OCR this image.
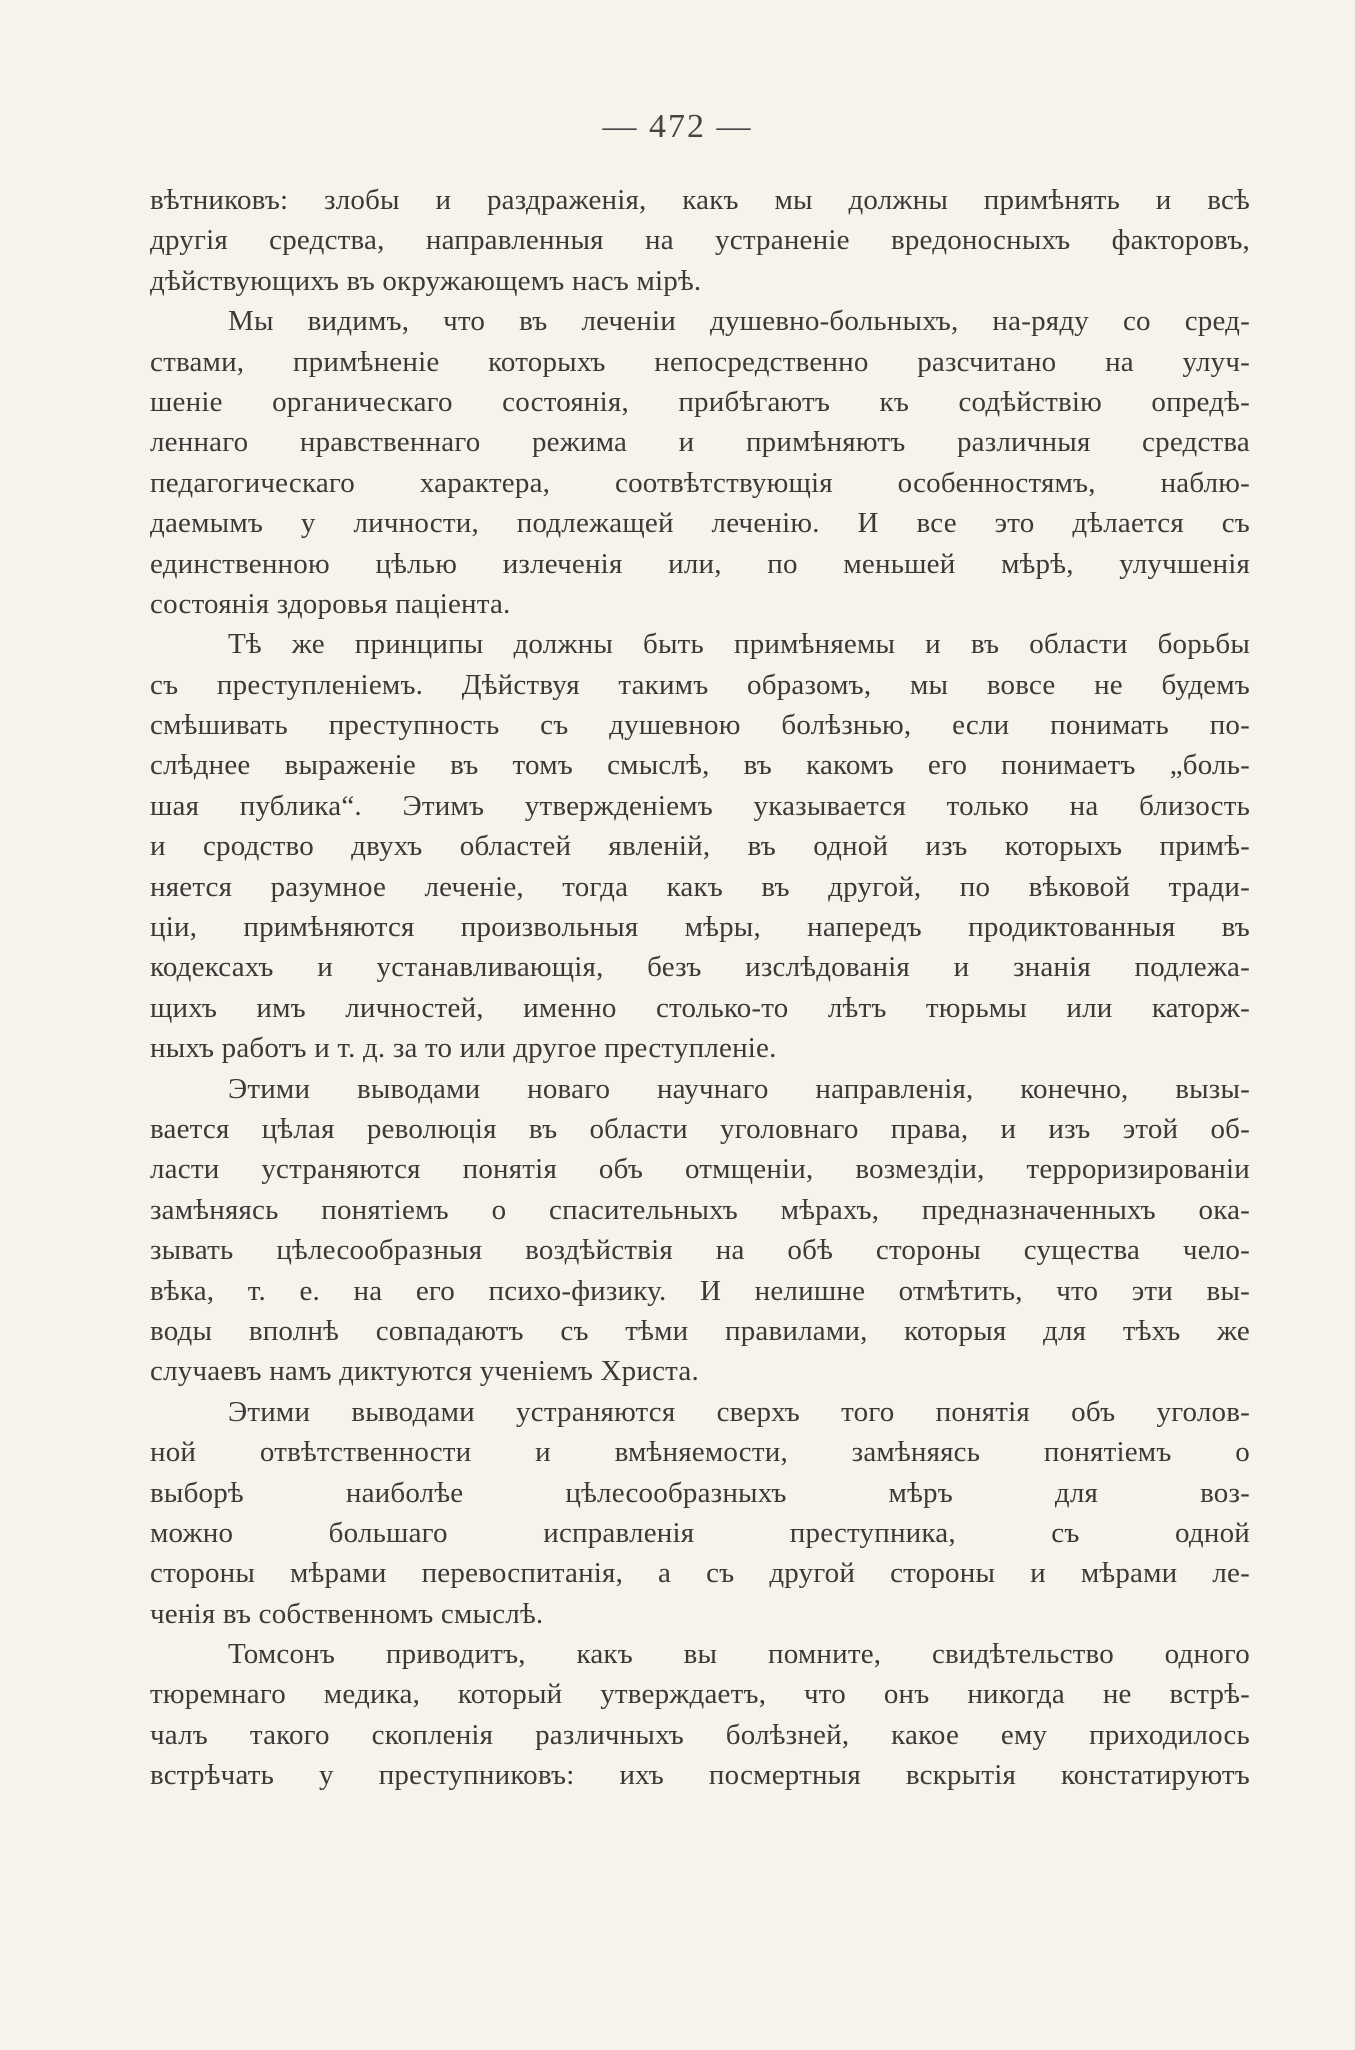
— 472 —
вѣтниковъ: злобы и раздраженія, какъ мы должны примѣнять и всѣ
другія средства, направленныя на устраненіе вредоносныхъ факторовъ,
дѣйствующихъ въ окружающемъ насъ мірѣ.
Мы видимъ, что въ леченіи душевно-больныхъ, на-ряду со сред-
ствами, примѣненіе которыхъ непосредственно разсчитано на улуч-
шеніе органическаго состоянія, прибѣгаютъ къ содѣйствію опредѣ-
леннаго нравственнаго режима и примѣняютъ различныя средства
педагогическаго характера, соотвѣтствующія особенностямъ, наблю-
даемымъ у личности, подлежащей леченію. И все это дѣлается съ
единственною цѣлью излеченія или, по меньшей мѣрѣ, улучшенія
состоянія здоровья паціента.
Тѣ же принципы должны быть примѣняемы и въ области борьбы
съ преступленіемъ. Дѣйствуя такимъ образомъ, мы вовсе не будемъ
смѣшивать преступность съ душевною болѣзнью, если понимать по-
слѣднее выраженіе въ томъ смыслѣ, въ какомъ его понимаетъ „боль-
шая публика“. Этимъ утвержденіемъ указывается только на близость
и сродство двухъ областей явленій, въ одной изъ которыхъ примѣ-
няется разумное леченіе, тогда какъ въ другой, по вѣковой тради-
ціи, примѣняются произвольныя мѣры, напередъ продиктованныя въ
кодексахъ и устанавливающія, безъ изслѣдованія и знанія подлежа-
щихъ имъ личностей, именно столько-то лѣтъ тюрьмы или каторж-
ныхъ работъ и т. д. за то или другое преступленіе.
Этими выводами новаго научнаго направленія, конечно, вызы-
вается цѣлая революція въ области уголовнаго права, и изъ этой об-
ласти устраняются понятія объ отмщеніи, возмездіи, терроризированіи
замѣняясь понятіемъ о спасительныхъ мѣрахъ, предназначенныхъ ока-
зывать цѣлесообразныя воздѣйствія на обѣ стороны существа чело-
вѣка, т. е. на его психо-физику. И нелишне отмѣтить, что эти вы-
воды вполнѣ совпадаютъ съ тѣми правилами, которыя для тѣхъ же
случаевъ намъ диктуются ученіемъ Христа.
Этими выводами устраняются сверхъ того понятія объ уголов-
ной отвѣтственности и вмѣняемости, замѣняясь понятіемъ о
выборѣ наиболѣе цѣлесообразныхъ мѣръ для воз-
можно большаго исправленія преступника, съ одной
стороны мѣрами перевоспитанія, а съ другой стороны и мѣрами ле-
ченія въ собственномъ смыслѣ.
Томсонъ приводитъ, какъ вы помните, свидѣтельство одного
тюремнаго медика, который утверждаетъ, что онъ никогда не встрѣ-
чалъ такого скопленія различныхъ болѣзней, какое ему приходилось
встрѣчать у преступниковъ: ихъ посмертныя вскрытія констатируютъ
